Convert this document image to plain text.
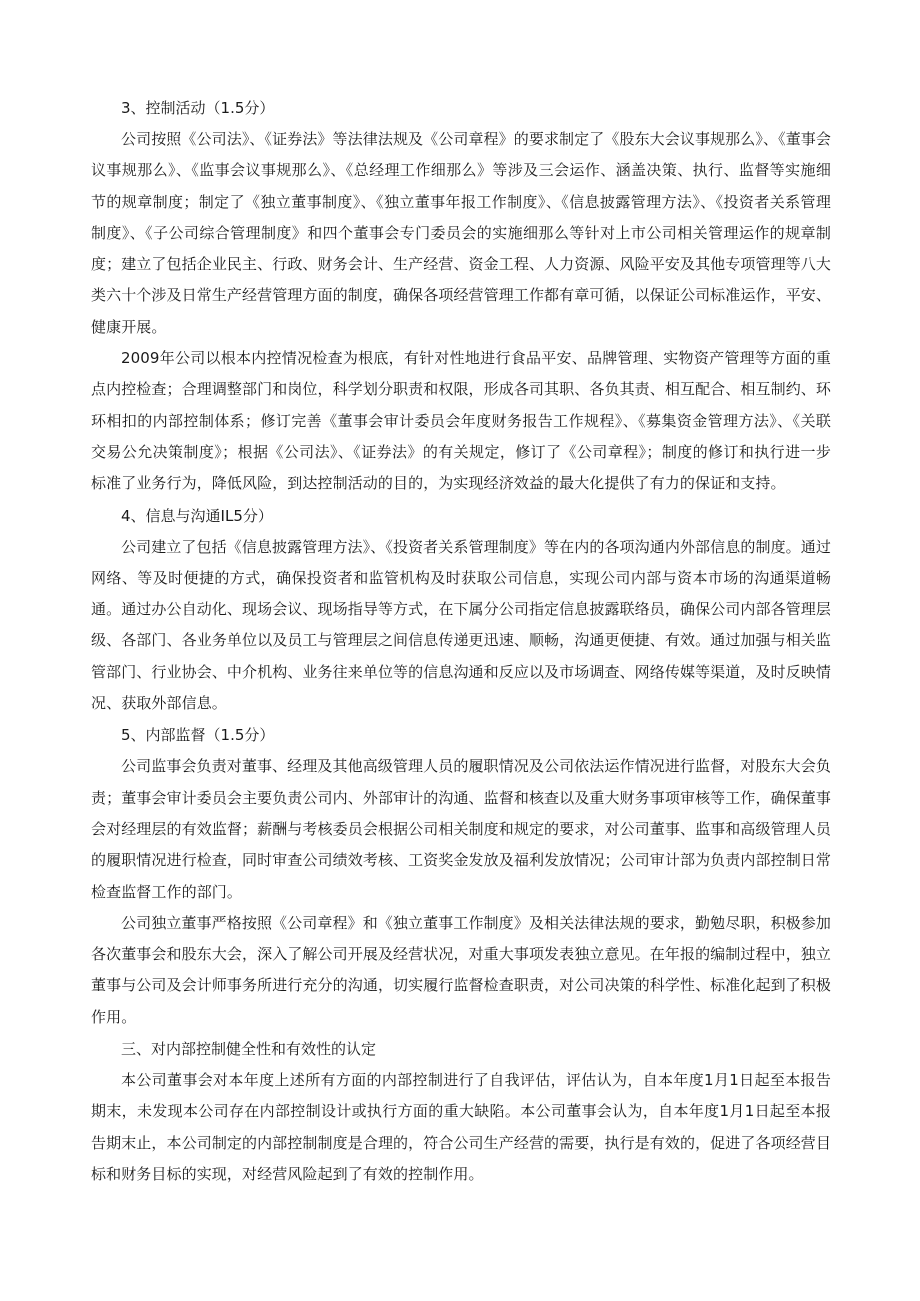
3、控制活动（1.5分）

公司按照《公司法》、《证券法》等法律法规及《公司章程》的要求制定了《股东大会议事规那么》、《董事会议事规那么》、《监事会议事规那么》、《总经理工作细那么》等涉及三会运作、涵盖决策、执行、监督等实施细节的规章制度；制定了《独立董事制度》、《独立董事年报工作制度》、《信息披露管理方法》、《投资者关系管理制度》、《子公司综合管理制度》和四个董事会专门委员会的实施细那么等针对上市公司相关管理运作的规章制度；建立了包括企业民主、行政、财务会计、生产经营、资金工程、人力资源、风险平安及其他专项管理等八大类六十个涉及日常生产经营管理方面的制度，确保各项经营管理工作都有章可循，以保证公司标准运作，平安、健康开展。

2009年公司以根本内控情况检查为根底，有针对性地进行食品平安、品牌管理、实物资产管理等方面的重点内控检查；合理调整部门和岗位，科学划分职责和权限，形成各司其职、各负其责、相互配合、相互制约、环环相扣的内部控制体系；修订完善《董事会审计委员会年度财务报告工作规程》、《募集资金管理方法》、《关联交易公允决策制度》；根据《公司法》、《证券法》的有关规定，修订了《公司章程》；制度的修订和执行进一步标准了业务行为，降低风险，到达控制活动的目的，为实现经济效益的最大化提供了有力的保证和支持。

4、信息与沟通IL5分）

公司建立了包括《信息披露管理方法》、《投资者关系管理制度》等在内的各项沟通内外部信息的制度。通过网络、等及时便捷的方式，确保投资者和监管机构及时获取公司信息，实现公司内部与资本市场的沟通渠道畅通。通过办公自动化、现场会议、现场指导等方式，在下属分公司指定信息披露联络员，确保公司内部各管理层级、各部门、各业务单位以及员工与管理层之间信息传递更迅速、顺畅，沟通更便捷、有效。通过加强与相关监管部门、行业协会、中介机构、业务往来单位等的信息沟通和反应以及市场调查、网络传媒等渠道，及时反映情况、获取外部信息。

5、内部监督（1.5分）

公司监事会负责对董事、经理及其他高级管理人员的履职情况及公司依法运作情况进行监督，对股东大会负责；董事会审计委员会主要负责公司内、外部审计的沟通、监督和核查以及重大财务事项审核等工作，确保董事会对经理层的有效监督；薪酬与考核委员会根据公司相关制度和规定的要求，对公司董事、监事和高级管理人员的履职情况进行检查，同时审查公司绩效考核、工资奖金发放及福利发放情况；公司审计部为负责内部控制日常检查监督工作的部门。

公司独立董事严格按照《公司章程》和《独立董事工作制度》及相关法律法规的要求，勤勉尽职，积极参加各次董事会和股东大会，深入了解公司开展及经营状况，对重大事项发表独立意见。在年报的编制过程中，独立董事与公司及会计师事务所进行充分的沟通，切实履行监督检查职责，对公司决策的科学性、标准化起到了积极作用。

三、对内部控制健全性和有效性的认定

本公司董事会对本年度上述所有方面的内部控制进行了自我评估，评估认为，自本年度1月1日起至本报告期末，未发现本公司存在内部控制设计或执行方面的重大缺陷。本公司董事会认为，自本年度1月1日起至本报告期末止，本公司制定的内部控制制度是合理的，符合公司生产经营的需要，执行是有效的，促进了各项经营目标和财务目标的实现，对经营风险起到了有效的控制作用。
